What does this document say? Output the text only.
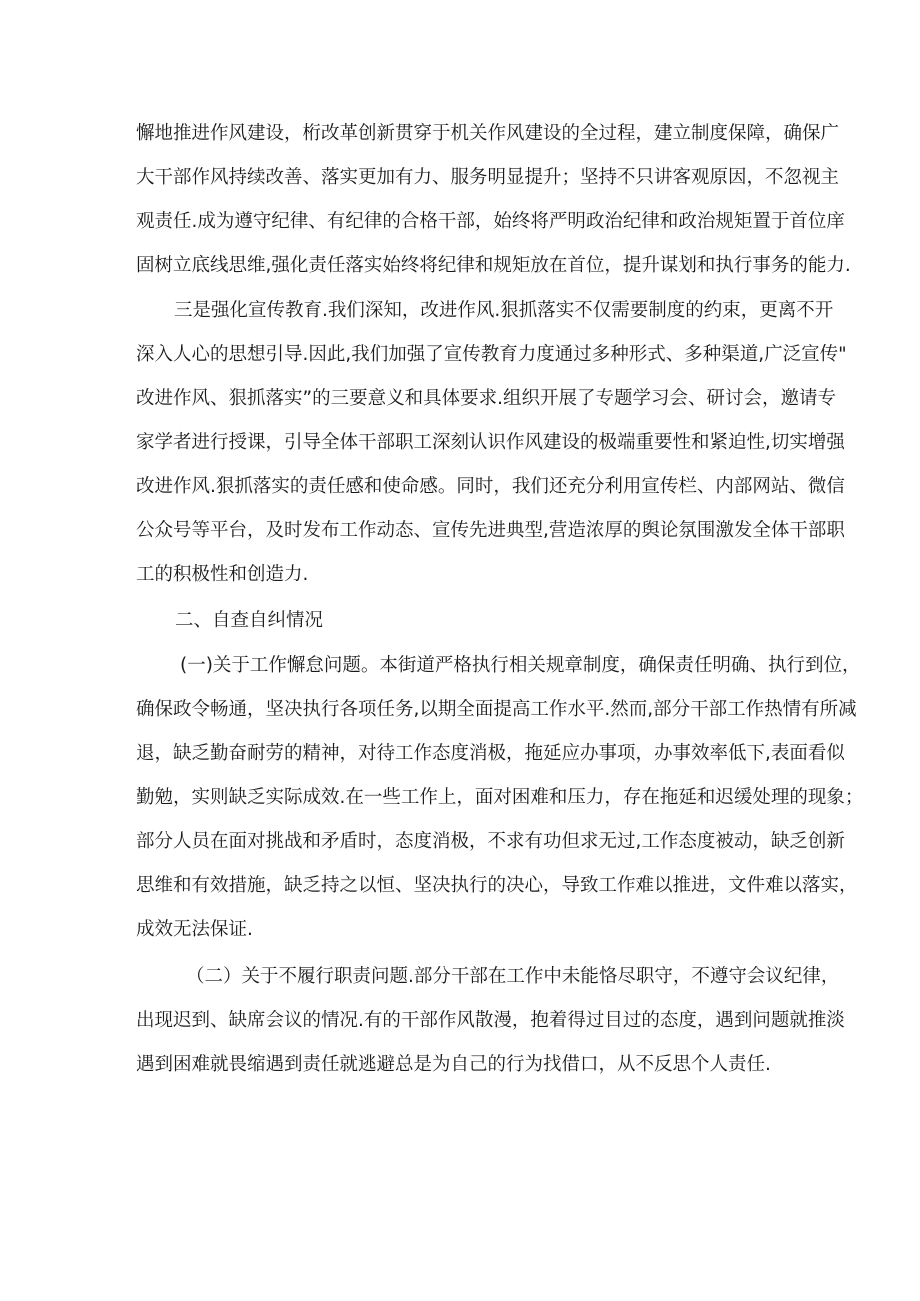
懈地推进作风建设，桁改革创新贯穿于机关作风建设的全过程，建立制度保障，确保广

大干部作风持续改善、落实更加有力、服务明显提升；坚持不只讲客观原因，不忽视主

观责任.成为遵守纪律、有纪律的合格干部，始终将严明政治纪律和政治规矩置于首位庠

固树立底线思维,强化责任落实始终将纪律和规矩放在首位，提升谋划和执行事务的能力.

三是强化宣传教育.我们深知，改进作风.狠抓落实不仅需要制度的约束，更离不开

深入人心的思想引导.因此,我们加强了宣传教育力度通过多种形式、多种渠道,广泛宣传"

改进作风、狠抓落实”的三要意义和具体要求.组织开展了专题学习会、研讨会，邀请专

家学者进行授课，引导全体干部职工深刻认识作风建设的极端重要性和紧迫性,切实增强

改进作风.狠抓落实的责任感和使命感。同时，我们还充分利用宣传栏、内部网站、微信

公众号等平台，及时发布工作动态、宣传先进典型,营造浓厚的舆论氛围激发全体干部职

工的积极性和创造力.

二、自查自纠情况

(一)关于工作懈怠问题。本街道严格执行相关规章制度，确保责任明确、执行到位，

确保政令畅通，坚决执行各项任务,以期全面提高工作水平.然而,部分干部工作热情有所减

退，缺乏勤奋耐劳的精神，对待工作态度消极，拖延应办事项，办事效率低下,表面看似

勤勉，实则缺乏实际成效.在一些工作上，面对困难和压力，存在拖延和迟缓处理的现象；

部分人员在面对挑战和矛盾时，态度消极，不求有功但求无过,工作态度被动，缺乏创新

思维和有效措施，缺乏持之以恒、坚决执行的决心，导致工作难以推进，文件难以落实，

成效无法保证.

（二）关于不履行职责问题.部分干部在工作中未能恪尽职守，不遵守会议纪律，

出现迟到、缺席会议的情况.有的干部作风散漫，抱着得过目过的态度，遇到问题就推淡

遇到困难就畏缩遇到责任就逃避总是为自己的行为找借口，从不反思个人责任.
